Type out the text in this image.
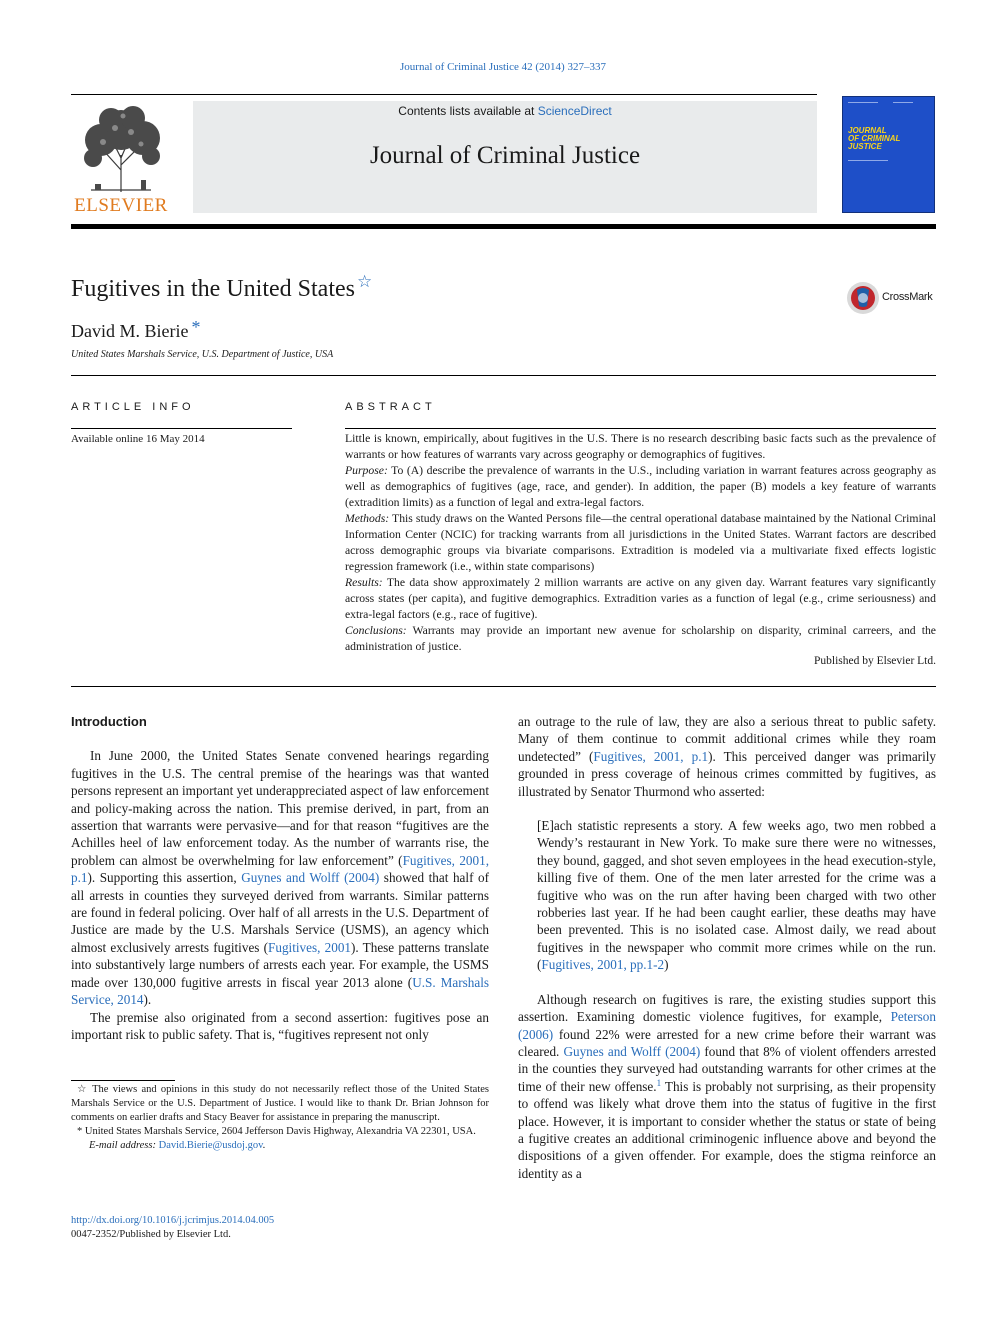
Journal of Criminal Justice 42 (2014) 327–337
ELSEVIER
Contents lists available at ScienceDirect
Journal of Criminal Justice
JOURNAL
OF CRIMINAL
JUSTICE
Fugitives in the United States ☆
CrossMark
David M. Bierie *
United States Marshals Service, U.S. Department of Justice, USA
ARTICLE INFO	ABSTRACT
Available online 16 May 2014	Little is known, empirically, about fugitives in the U.S. There is no research describing basic facts such as the prevalence of warrants or how features of warrants vary across geography or demographics of fugitives.

Purpose: To (A) describe the prevalence of warrants in the U.S., including variation in warrant features across geography as well as demographics of fugitives (age, race, and gender). In addition, the paper (B) models a key feature of warrants (extradition limits) as a function of legal and extra-legal factors.

Methods: This study draws on the Wanted Persons file—the central operational database maintained by the National Criminal Information Center (NCIC) for tracking warrants from all jurisdictions in the United States. Warrant factors are described across demographic groups via bivariate comparisons. Extradition is modeled via a multivariate fixed effects logistic regression framework (i.e., within state comparisons)

Results: The data show approximately 2 million warrants are active on any given day. Warrant features vary significantly across states (per capita), and fugitive demographics. Extradition varies as a function of legal (e.g., crime seriousness) and extra-legal factors (e.g., race of fugitive).

Conclusions: Warrants may provide an important new avenue for scholarship on disparity, criminal carreers, and the administration of justice.

Published by Elsevier Ltd.

Introduction

In June 2000, the United States Senate convened hearings regarding fugitives in the U.S. The central premise of the hearings was that wanted persons represent an important yet underappreciated aspect of law enforcement and policy-making across the nation. This premise derived, in part, from an assertion that warrants were pervasive—and for that reason “fugitives are the Achilles heel of law enforcement today. As the number of warrants rise, the problem can almost be overwhelming for law enforcement” (Fugitives, 2001, p.1). Supporting this assertion, Guynes and Wolff (2004) showed that half of all arrests in counties they surveyed derived from warrants. Similar patterns are found in federal policing. Over half of all arrests in the U.S. Department of Justice are made by the U.S. Marshals Service (USMS), an agency which almost exclusively arrests fugitives (Fugitives, 2001). These patterns translate into substantively large numbers of arrests each year. For example, the USMS made over 130,000 fugitive arrests in fiscal year 2013 alone (U.S. Marshals Service, 2014).

The premise also originated from a second assertion: fugitives pose an important risk to public safety. That is, “fugitives represent not only

an outrage to the rule of law, they are also a serious threat to public safety. Many of them continue to commit additional crimes while they roam undetected” (Fugitives, 2001, p.1). This perceived danger was primarily grounded in press coverage of heinous crimes committed by fugitives, as illustrated by Senator Thurmond who asserted:

[E]ach statistic represents a story. A few weeks ago, two men robbed a Wendy’s restaurant in New York. To make sure there were no witnesses, they bound, gagged, and shot seven employees in the head execution-style, killing five of them. One of the men later arrested for the crime was a fugitive who was on the run after having been charged with two other robberies last year. If he had been caught earlier, these deaths may have been prevented. This is no isolated case. Almost daily, we read about fugitives in the newspaper who commit more crimes while on the run. (Fugitives, 2001, pp.1-2)

Although research on fugitives is rare, the existing studies support this assertion. Examining domestic violence fugitives, for example, Peterson (2006) found 22% were arrested for a new crime before their warrant was cleared. Guynes and Wolff (2004) found that 8% of violent offenders arrested in the counties they surveyed had outstanding warrants for other crimes at the time of their new offense.$^1$ This is probably not surprising, as their propensity to offend was likely what drove them into the status of fugitive in the first place. However, it is important to consider whether the status or state of being a fugitive creates an additional criminogenic influence above and beyond the dispositions of a given offender. For example, does the stigma reinforce an identity as a

☆ The views and opinions in this study do not necessarily reflect those of the United States Marshals Service or the U.S. Department of Justice. I would like to thank Dr. Brian Johnson for comments on earlier drafts and Stacy Beaver for assistance in preparing the manuscript.

* United States Marshals Service, 2604 Jefferson Davis Highway, Alexandria VA 22301, USA.

E-mail address: David.Bierie@usdoj.gov.

http://dx.doi.org/10.1016/j.jcrimjus.2014.04.005
0047-2352/Published by Elsevier Ltd.
